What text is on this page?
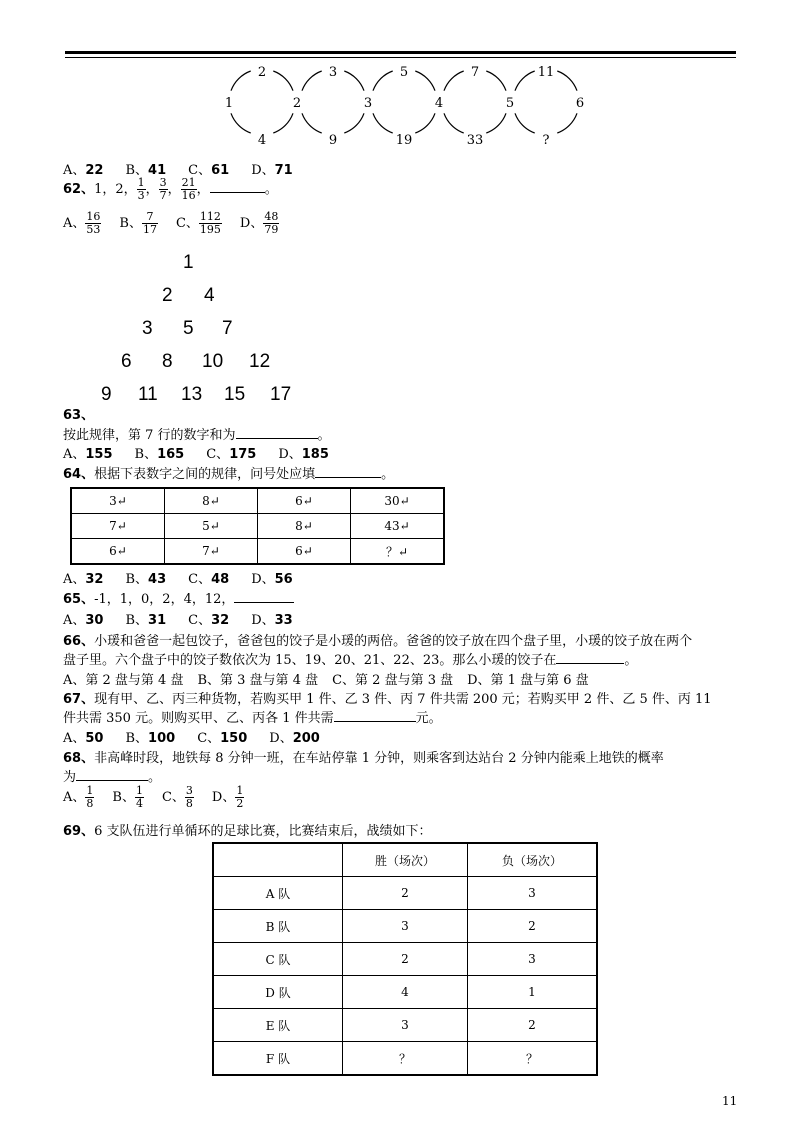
1	2	3	4	5	6
2	3	5	7	11
4	9	19	33	?
A、22 B、41 C、61 D、71
62、1，2， $\frac{1}{3}$ ， $\frac{3}{7}$ ， $\frac{21}{16}$ ，	。
A、 $\frac{16}{53}$ B、 $\frac{7}{17}$ C、 $\frac{112}{195}$ D、 $\frac{48}{79}$
1
2 4
3 5 7
6 8 10 12
9 11 13 15 17
63、
按此规律，第 7 行的数字和为	。
A、155 B、165 C、175 D、185
64、根据下表数字之间的规律，问号处应填	。
3↵	8↵	6↵	30↵
7↵	5↵	8↵	43↵
6↵	7↵	6↵	？↵
A、32 B、43 C、48 D、56
65、-1，1，0，2，4，12，
A、30 B、31 C、32 D、33
66、小瑗和爸爸一起包饺子，爸爸包的饺子是小瑗的两倍。爸爸的饺子放在四个盘子里，小瑗的饺子放在两个
盘子里。六个盘子中的饺子数依次为 15、19、20、21、22、23。那么小瑗的饺子在	。
A、第 2 盘与第 4 盘 B、第 3 盘与第 4 盘 C、第 2 盘与第 3 盘 D、第 1 盘与第 6 盘
67、现有甲、乙、丙三种货物，若购买甲 1 件、乙 3 件、丙 7 件共需 200 元；若购买甲 2 件、乙 5 件、丙 11
件共需 350 元。则购买甲、乙、丙各 1 件共需	元。
A、50 B、100 C、150 D、200
68、非高峰时段，地铁每 8 分钟一班，在车站停靠 1 分钟，则乘客到达站台 2 分钟内能乘上地铁的概率
为	。
A、 $\frac{1}{8}$ B、 $\frac{1}{4}$ C、 $\frac{3}{8}$ D、 $\frac{1}{2}$
69、6 支队伍进行单循环的足球比赛，比赛结束后，战绩如下：
	胜（场次）	负（场次）
A 队	2	3
B 队	3	2
C 队	2	3
D 队	4	1
E 队	3	2
F 队	？	？
11
